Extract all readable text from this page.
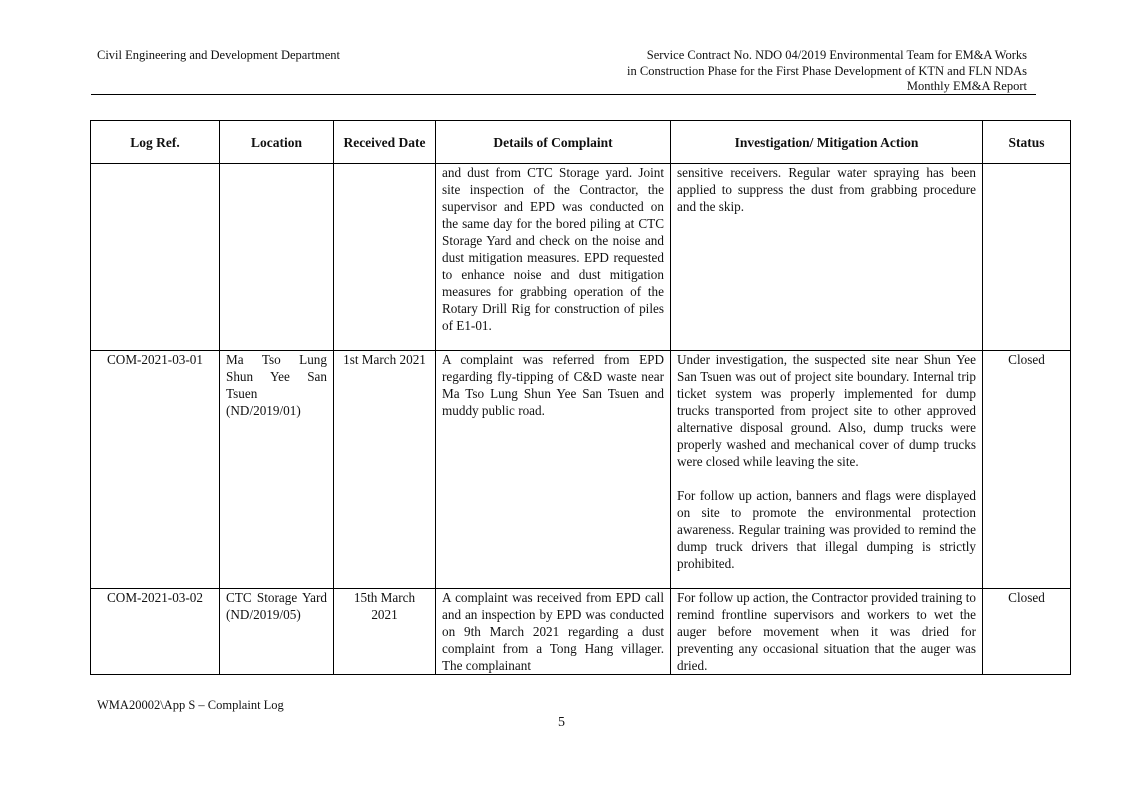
Civil Engineering and Development Department	Service Contract No. NDO 04/2019 Environmental Team for EM&A Works
in Construction Phase for the First Phase Development of KTN and FLN NDAs
Monthly EM&A Report
Log Ref.	Location	Received Date	Details of Complaint	Investigation/ Mitigation Action	Status
			and dust from CTC Storage yard. Joint site inspection of the Contractor, the supervisor and EPD was conducted on the same day for the bored piling at CTC Storage Yard and check on the noise and dust mitigation measures. EPD requested to enhance noise and dust mitigation measures for grabbing operation of the Rotary Drill Rig for construction of piles of E1-01.	sensitive receivers. Regular water spraying has been applied to suppress the dust from grabbing procedure and the skip.	

COM-2021-03-01	Ma Tso Lung Shun Yee San Tsuen (ND/2019/01)	1st March 2021	A complaint was referred from EPD regarding fly-tipping of C&D waste near Ma Tso Lung Shun Yee San Tsuen and muddy public road.	Under investigation, the suspected site near Shun Yee San Tsuen was out of project site boundary. Internal trip ticket system was properly implemented for dump trucks transported from project site to other approved alternative disposal ground. Also, dump trucks were properly washed and mechanical cover of dump trucks were closed while leaving the site.
For follow up action, banners and flags were displayed on site to promote the environmental protection awareness. Regular training was provided to remind the dump truck drivers that illegal dumping is strictly prohibited.	Closed
COM-2021-03-02	CTC Storage Yard (ND/2019/05)	15th March 2021	A complaint was received from EPD call and an inspection by EPD was conducted on 9th March 2021 regarding a dust complaint from a Tong Hang villager. The complainant	For follow up action, the Contractor provided training to remind frontline supervisors and workers to wet the auger before movement when it was dried for preventing any occasional situation that the auger was dried.	Closed
WMA20002\App S – Complaint Log
5
